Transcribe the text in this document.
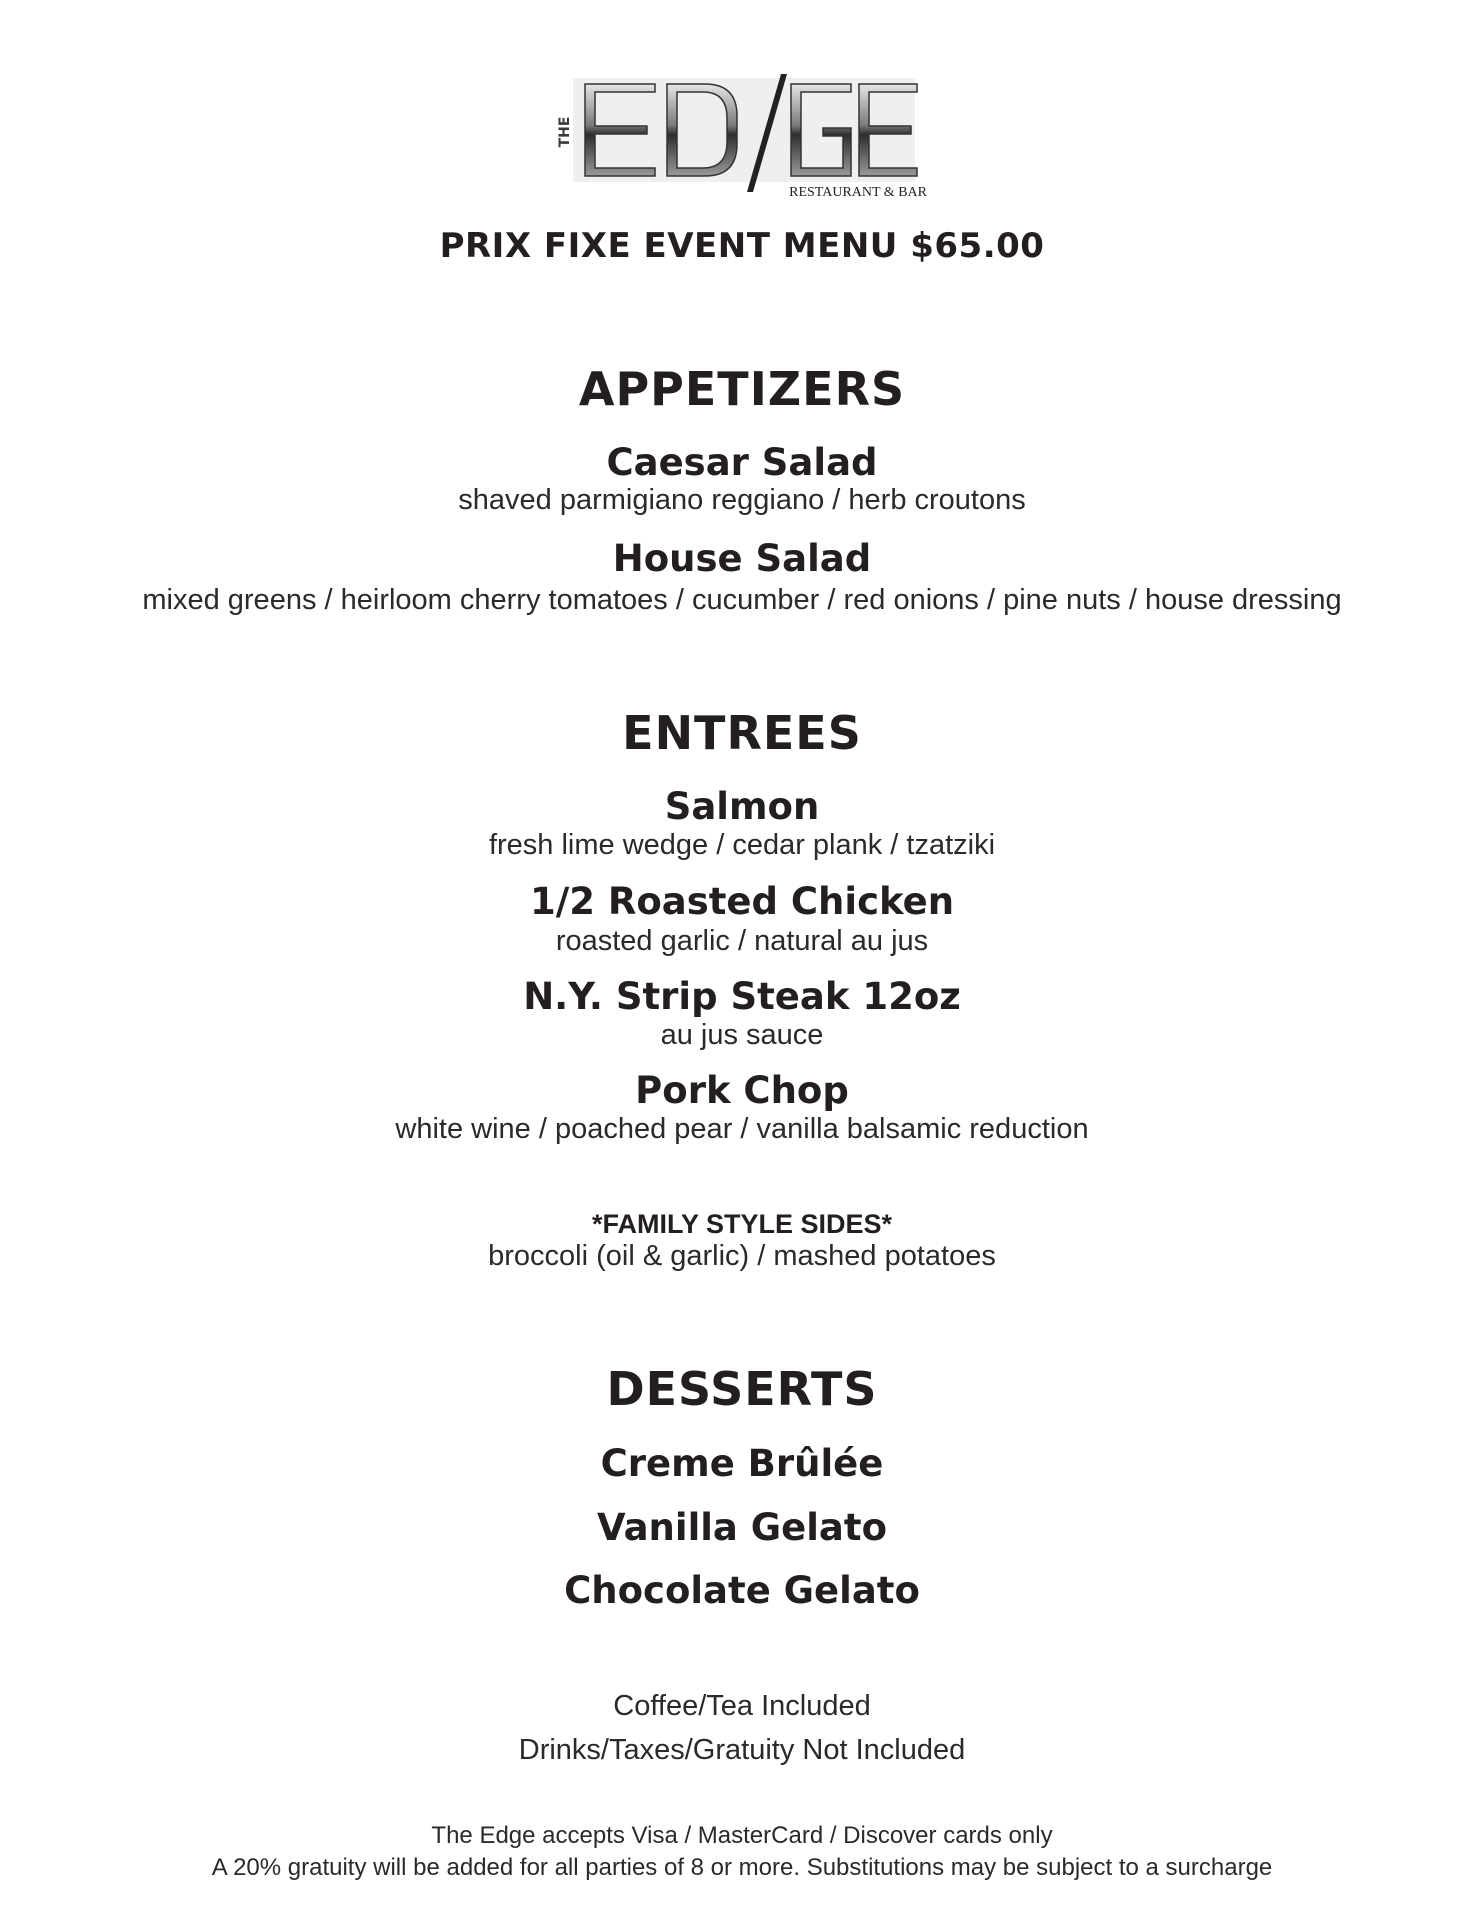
THE
RESTAURANT & BAR
PRIX FIXE EVENT MENU $65.00
APPETIZERS
Caesar Salad
shaved parmigiano reggiano / herb croutons
House Salad
mixed greens / heirloom cherry tomatoes / cucumber / red onions / pine nuts / house dressing
ENTREES
Salmon
fresh lime wedge / cedar plank / tzatziki
1/2 Roasted Chicken
roasted garlic / natural au jus
N.Y. Strip Steak 12oz
au jus sauce
Pork Chop
white wine / poached pear / vanilla balsamic reduction
*FAMILY STYLE SIDES*
broccoli (oil & garlic) / mashed potatoes
DESSERTS
Creme Brûlée
Vanilla Gelato
Chocolate Gelato
Coffee/Tea Included
Drinks/Taxes/Gratuity Not Included
The Edge accepts Visa / MasterCard / Discover cards only
A 20% gratuity will be added for all parties of 8 or more. Substitutions may be subject to a surcharge
